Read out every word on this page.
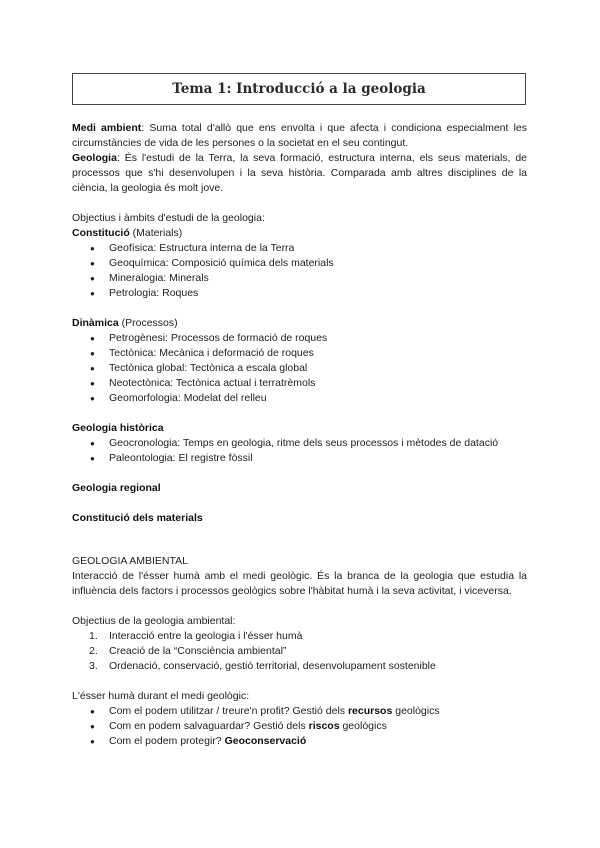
Tema 1: Introducció a la geologia

Medi ambient: Suma total d'allò que ens envolta i que afecta i condiciona especialment les circumstàncies de vida de les persones o la societat en el seu contingut.

Geologia: És l'estudi de la Terra, la seva formació, estructura interna, els seus materials, de processos que s'hi desenvolupen i la seva història. Comparada amb altres disciplines de la ciència, la geologia és molt jove.

Objectius i àmbits d'estudi de la geologia:

Constitució (Materials)

● Geofísica: Estructura interna de la Terra
● Geoquímica: Composició química dels materials
● Mineralogia: Minerals
● Petrologia: Roques

Dinàmica (Processos)

● Petrogènesi: Processos de formació de roques
● Tectònica: Mecànica i deformació de roques
● Tectònica global: Tectònica a escala global
● Neotectònica: Tectònica actual i terratrèmols
● Geomorfologia: Modelat del relleu

Geologia històrica

● Geocronologia: Temps en geologia, ritme dels seus processos i mètodes de datació
● Paleontologia: El registre fòssil

Geologia regional

Constitució dels materials

GEOLOGIA AMBIENTAL

Interacció de l'ésser humà amb el medi geològic. És la branca de la geologia que estudia la influència dels factors i processos geològics sobre l'hàbitat humà i la seva activitat, i viceversa.

Objectius de la geologia ambiental:

1. Interacció entre la geologia i l'ésser humà
2. Creació de la “Consciència ambiental”
3. Ordenació, conservació, gestió territorial, desenvolupament sostenible

L'ésser humà durant el medi geològic:

● Com el podem utilitzar / treure'n profit? Gestió dels recursos geològics
● Com en podem salvaguardar? Gestió dels riscos geològics
● Com el podem protegir? Geoconservació
